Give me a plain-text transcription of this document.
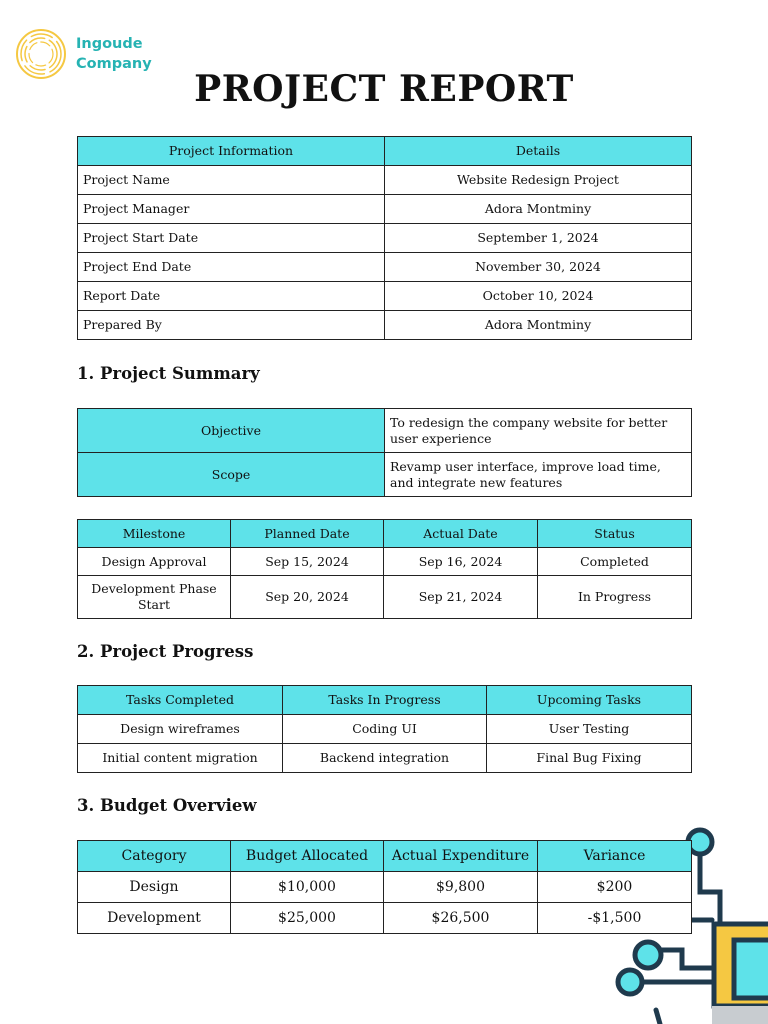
Ingoude
Company
PROJECT REPORT
Project Information	Details
Project Name	Website Redesign Project
Project Manager	Adora Montminy
Project Start Date	September 1, 2024
Project End Date	November 30, 2024
Report Date	October 10, 2024
Prepared By	Adora Montminy
1. Project Summary
Objective	To redesign the company website for better user experience
Scope	Revamp user interface, improve load time, and integrate new features
Milestone	Planned Date	Actual Date	Status
Design Approval	Sep 15, 2024	Sep 16, 2024	Completed
Development Phase Start	Sep 20, 2024	Sep 21, 2024	In Progress
2. Project Progress
Tasks Completed	Tasks In Progress	Upcoming Tasks
Design wireframes	Coding UI	User Testing
Initial content migration	Backend integration	Final Bug Fixing
3. Budget Overview
Category	Budget Allocated	Actual Expenditure	Variance
Design	$10,000	$9,800	$200
Development	$25,000	$26,500	-$1,500
